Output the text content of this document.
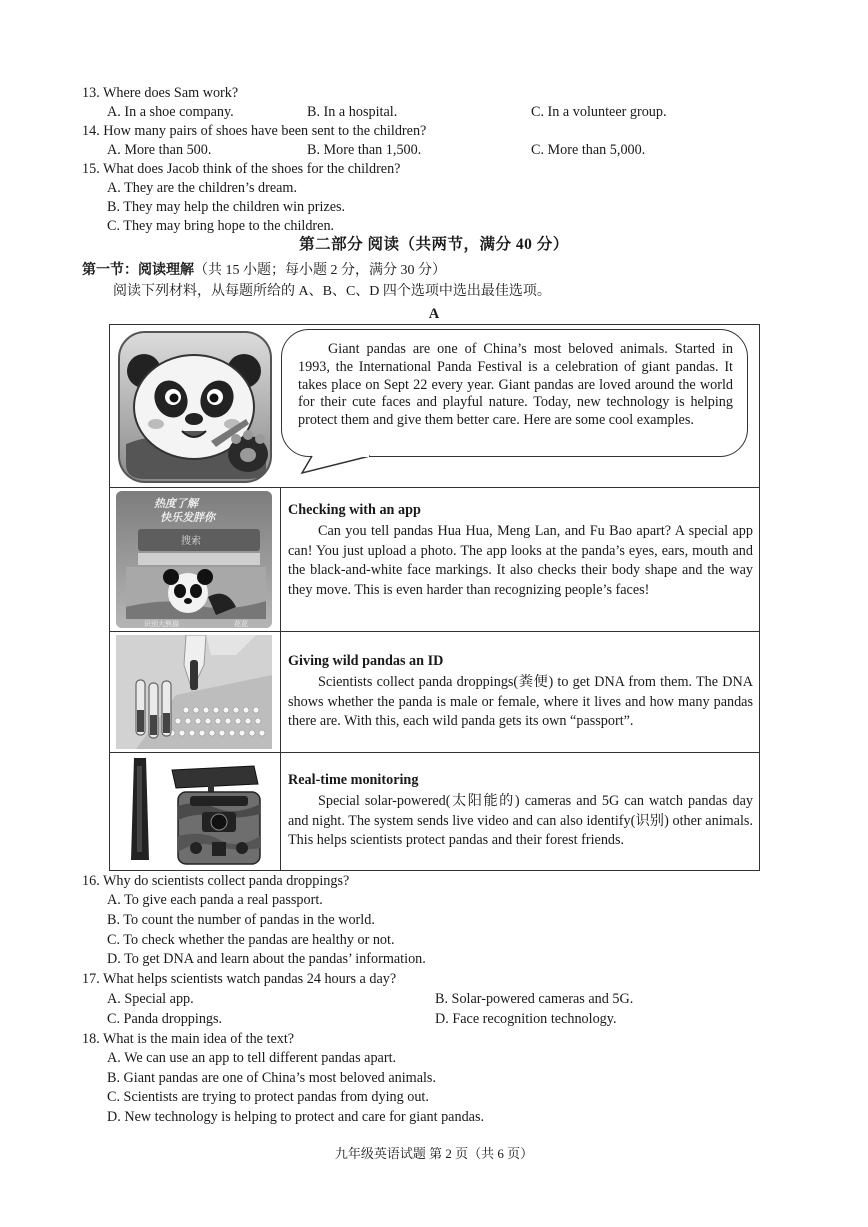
13. Where does Sam work?
A. In a shoe company.	B. In a hospital.	C. In a volunteer group.
14. How many pairs of shoes have been sent to the children?
A. More than 500.	B. More than 1,500.	C. More than 5,000.
15. What does Jacob think of the shoes for the children?
A. They are the children’s dream.
B. They may help the children win prizes.
C. They may bring hope to the children.
第二部分 阅读（共两节，满分 40 分）
第一节：阅读理解（共 15 小题；每小题 2 分，满分 30 分）
阅读下列材料，从每题所给的 A、B、C、D 四个选项中选出最佳选项。
A
Giant pandas are one of China’s most beloved animals. Started in 1993, the International Panda Festival is a celebration of giant pandas. It takes place on Sept 22 every year. Giant pandas are loved around the world for their cute faces and playful nature. Today, new technology is helping protect them and give them better care. Here are some cool examples.
热度了解
快乐发胖你
搜索
识别大熊猫	花花
Checking with an app
Can you tell pandas Hua Hua, Meng Lan, and Fu Bao apart? A special app can! You just upload a photo. The app looks at the panda’s eyes, ears, mouth and the black-and-white face markings. It also checks their body shape and the way they move. This is even harder than recognizing people’s faces!
Giving wild pandas an ID
Scientists collect panda droppings(粪便) to get DNA from them. The DNA shows whether the panda is male or female, where it lives and how many pandas there are. With this, each wild panda gets its own “passport”.
Real-time monitoring
Special solar-powered(太阳能的) cameras and 5G can watch pandas day and night. The system sends live video and can also identify(识别) other animals. This helps scientists protect pandas and their forest friends.
16. Why do scientists collect panda droppings?
A. To give each panda a real passport.
B. To count the number of pandas in the world.
C. To check whether the pandas are healthy or not.
D. To get DNA and learn about the pandas’ information.
17. What helps scientists watch pandas 24 hours a day?
A. Special app.	B. Solar-powered cameras and 5G.
C. Panda droppings.	D. Face recognition technology.
18. What is the main idea of the text?
A. We can use an app to tell different pandas apart.
B. Giant pandas are one of China’s most beloved animals.
C. Scientists are trying to protect pandas from dying out.
D. New technology is helping to protect and care for giant pandas.
九年级英语试题 第 2 页（共 6 页）
